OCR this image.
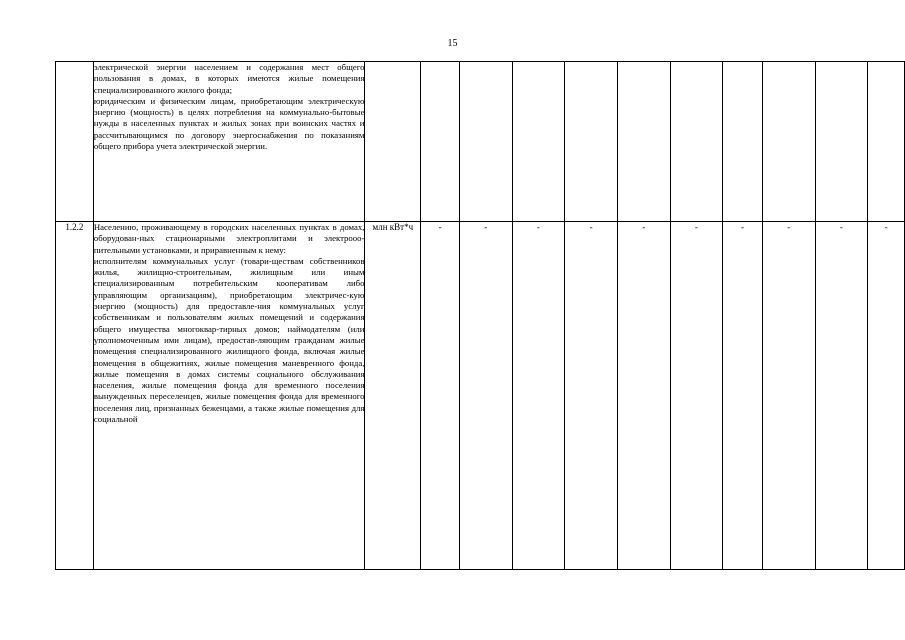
15

	электрической энергии населением и содержания мест общего пользования в домах, в которых имеются жилые помещения специализированного жилого фонда;
юридическим и физическим лицам, приобретающим электрическую энергию (мощность) в целях потребления на коммунально-бытовые нужды в населенных пунктах и жилых зонах при воинских частях и рассчитывающимся по договору энергоснабжения по показаниям общего прибора учета электрической энергии.											

1.2.2	Населению, проживающему в городских населенных пунктах в домах, оборудован-ных стационарными электроплитами и электрооо-пительными установками, и приравненным к нему:
исполнителям коммунальных услуг (товари-ществам собственников жилья, жилищно-строительным, жилищным или иным специализированным потребительским кооперативам либо управляющим организациям), приобретающим электричес-кую энергию (мощность) для предоставле-ния коммунальных услуг собственникам и пользователям жилых помещений и содержания общего имущества многоквар-тирных домов; наймодателям (или уполномоченным ими лицам), предостав-ляющим гражданам жилые помещения специализированного жилищного фонда, включая жилые помещения в общежитиях, жилые помещения маневренного фонда, жилые помещения в домах системы социального обслуживания населения, жилые помещения фонда для временного поселения вынужденных переселенцев, жилые помещения фонда для временного поселения лиц, признанных беженцами, а также жилые помещения для социальной	млн кВт*ч	-	-	-	-	-	-	-	-	-	-
